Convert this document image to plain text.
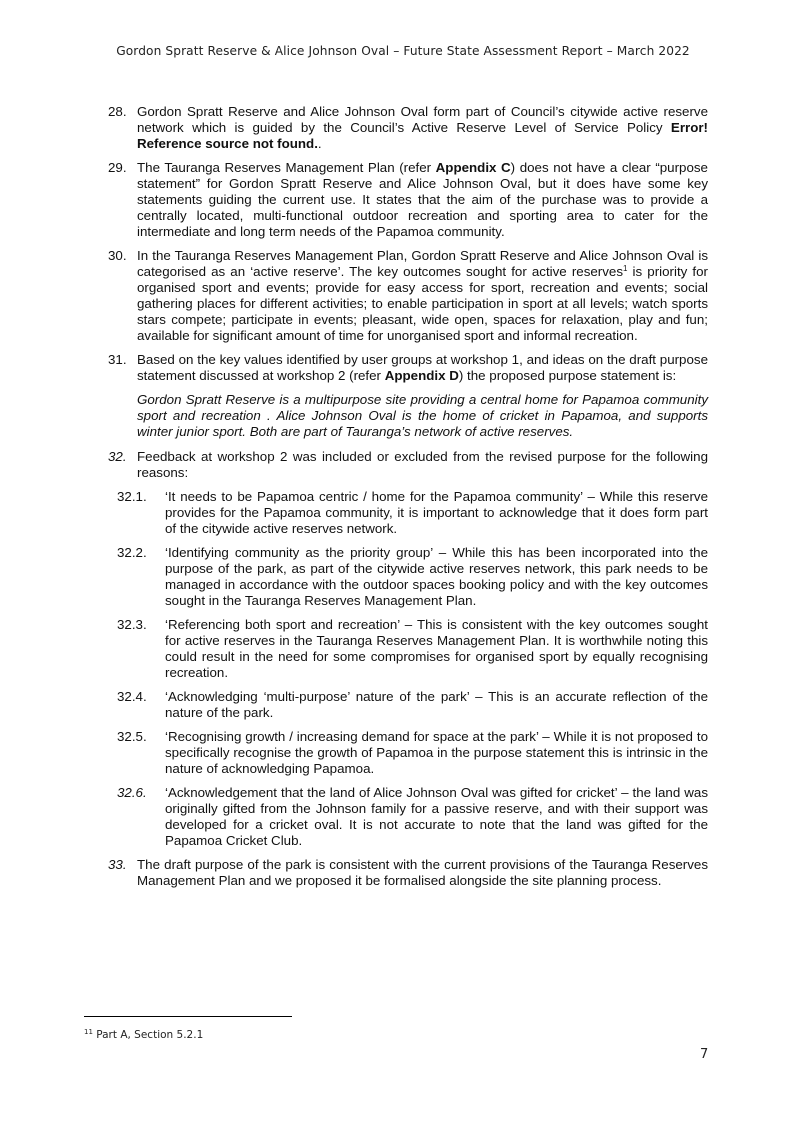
Gordon Spratt Reserve & Alice Johnson Oval – Future State Assessment Report – March 2022

28. Gordon Spratt Reserve and Alice Johnson Oval form part of Council’s citywide active reserve network which is guided by the Council’s Active Reserve Level of Service Policy Error! Reference source not found..

29. The Tauranga Reserves Management Plan (refer Appendix C) does not have a clear “purpose statement” for Gordon Spratt Reserve and Alice Johnson Oval, but it does have some key statements guiding the current use. It states that the aim of the purchase was to provide a centrally located, multi-functional outdoor recreation and sporting area to cater for the intermediate and long term needs of the Papamoa community.

30. In the Tauranga Reserves Management Plan, Gordon Spratt Reserve and Alice Johnson Oval is categorised as an ‘active reserve’. The key outcomes sought for active reserves$^1$ is priority for organised sport and events; provide for easy access for sport, recreation and events; social gathering places for different activities; to enable participation in sport at all levels; watch sports stars compete; participate in events; pleasant, wide open, spaces for relaxation, play and fun; available for significant amount of time for unorganised sport and informal recreation.

31. Based on the key values identified by user groups at workshop 1, and ideas on the draft purpose statement discussed at workshop 2 (refer Appendix D) the proposed purpose statement is:

Gordon Spratt Reserve is a multipurpose site providing a central home for Papamoa community sport and recreation . Alice Johnson Oval is the home of cricket in Papamoa, and supports winter junior sport. Both are part of Tauranga’s network of active reserves.

32. Feedback at workshop 2 was included or excluded from the revised purpose for the following reasons:

32.1. ‘It needs to be Papamoa centric / home for the Papamoa community’ – While this reserve provides for the Papamoa community, it is important to acknowledge that it does form part of the citywide active reserves network.

32.2. ‘Identifying community as the priority group’ – While this has been incorporated into the purpose of the park, as part of the citywide active reserves network, this park needs to be managed in accordance with the outdoor spaces booking policy and with the key outcomes sought in the Tauranga Reserves Management Plan.

32.3. ‘Referencing both sport and recreation’ – This is consistent with the key outcomes sought for active reserves in the Tauranga Reserves Management Plan. It is worthwhile noting this could result in the need for some compromises for organised sport by equally recognising recreation.

32.4. ‘Acknowledging ‘multi-purpose’ nature of the park’ – This is an accurate reflection of the nature of the park.

32.5. ‘Recognising growth / increasing demand for space at the park’ – While it is not proposed to specifically recognise the growth of Papamoa in the purpose statement this is intrinsic in the nature of acknowledging Papamoa.

32.6. ‘Acknowledgement that the land of Alice Johnson Oval was gifted for cricket’ – the land was originally gifted from the Johnson family for a passive reserve, and with their support was developed for a cricket oval. It is not accurate to note that the land was gifted for the Papamoa Cricket Club.

33. The draft purpose of the park is consistent with the current provisions of the Tauranga Reserves Management Plan and we proposed it be formalised alongside the site planning process.

$^{11}$ Part A, Section 5.2.1
7
